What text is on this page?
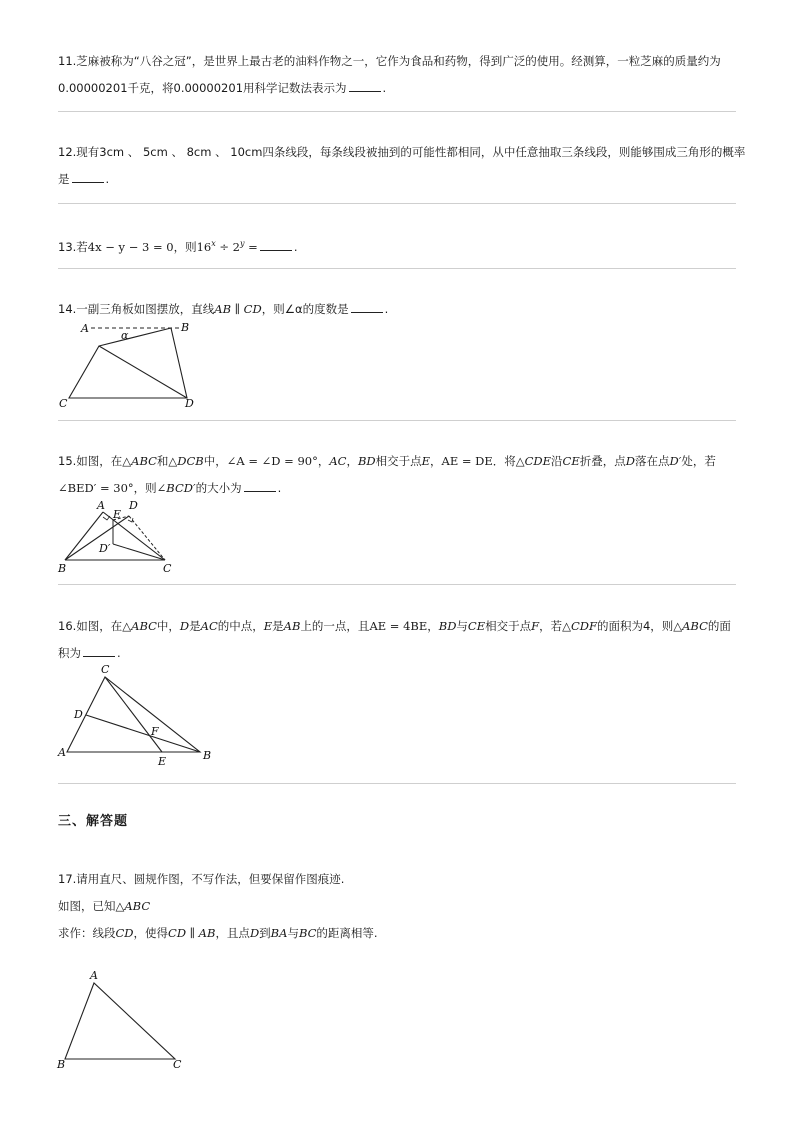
11.芝麻被称为“八谷之冠”，是世界上最古老的油料作物之一，它作为食品和药物，得到广泛的使用。经测算，一粒芝麻的质量约为
0.00000201千克，将0.00000201用科学记数法表示为	.
12.现有3cm 、 5cm 、 8cm 、 10cm四条线段，每条线段被抽到的可能性都相同，从中任意抽取三条线段，则能够围成三角形的概率
是	.
13.若4x − y − 3 = 0，则$16^x \div 2^y$ =	.
14.一副三角板如图摆放，直线AB ∥ CD，则∠α的度数是	.
A	B
C	D
α
15.如图，在△ABC和△DCB中，∠A = ∠D = 90°，AC，BD相交于点E，AE = DE．将△CDE沿CE折叠，点D落在点D′处，若
∠BED′ = 30°，则∠BCD′的大小为	.
A D
E
D′
B	C
16.如图，在△ABC中，D是AC的中点，E是AB上的一点，且AE = 4BE，BD与CE相交于点F，若△CDF的面积为4，则△ABC的面
积为	.
C
D
F
A	B
E
三、解答题
17.请用直尺、圆规作图，不写作法，但要保留作图痕迹.
如图，已知△ABC
求作：线段CD，使得CD ∥ AB，且点D到BA与BC的距离相等.
A
B	C
